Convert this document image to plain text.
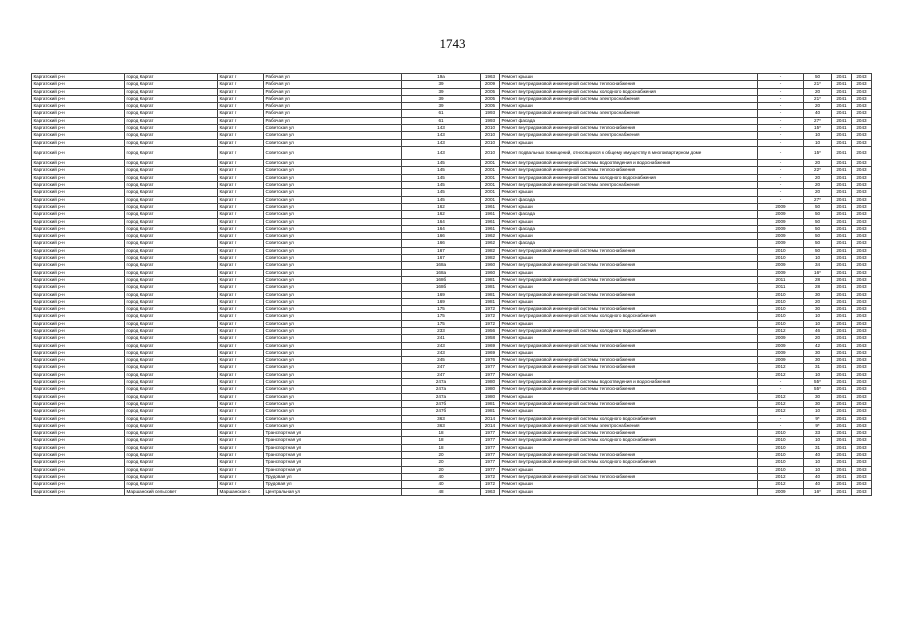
1743
Каргатский р-н	город Каргат	Каргат г	Рабочая ул	19а	1963	Ремонт крыши	-	50	2041	2043
Каргатский р-н	город Каргат	Каргат г	Рабочая ул	39	2009	Ремонт внутридомовой инженерной системы теплоснабжения	-	21*	2041	2043
Каргатский р-н	город Каргат	Каргат г	Рабочая ул	39	2005	Ремонт внутридомовой инженерной системы холодного водоснабжения	-	20	2041	2043
Каргатский р-н	город Каргат	Каргат г	Рабочая ул	39	2005	Ремонт внутридомовой инженерной системы электроснабжения	-	21*	2041	2043
Каргатский р-н	город Каргат	Каргат г	Рабочая ул	39	2005	Ремонт крыши	-	20	2041	2043
Каргатский р-н	город Каргат	Каргат г	Рабочая ул	61	1993	Ремонт внутридомовой инженерной системы электроснабжения	-	40	2041	2043
Каргатский р-н	город Каргат	Каргат г	Рабочая ул	61	1993	Ремонт фасада	-	27*	2041	2043
Каргатский р-н	город Каргат	Каргат г	Советская ул	143	2010	Ремонт внутридомовой инженерной системы теплоснабжения	-	15*	2041	2043
Каргатский р-н	город Каргат	Каргат г	Советская ул	143	2010	Ремонт внутридомовой инженерной системы электроснабжения	-	10	2041	2043
Каргатский р-н	город Каргат	Каргат г	Советская ул	143	2010	Ремонт крыши	-	10	2041	2043
Каргатский р-н	город Каргат	Каргат г	Советская ул	143	2010	Ремонт подвальных помещений, относящихся к общему имуществу в многоквартирном доме	-	15*	2041	2043
Каргатский р-н	город Каргат	Каргат г	Советская ул	145	2001	Ремонт внутридомовой инженерной системы водоотведения и водоснабжения	-	20	2041	2043
Каргатский р-н	город Каргат	Каргат г	Советская ул	145	2001	Ремонт внутридомовой инженерной системы теплоснабжения	-	22*	2041	2043
Каргатский р-н	город Каргат	Каргат г	Советская ул	145	2001	Ремонт внутридомовой инженерной системы холодного водоснабжения	-	20	2041	2043
Каргатский р-н	город Каргат	Каргат г	Советская ул	145	2001	Ремонт внутридомовой инженерной системы электроснабжения	-	20	2041	2043
Каргатский р-н	город Каргат	Каргат г	Советская ул	145	2001	Ремонт крыши	-	20	2041	2043
Каргатский р-н	город Каргат	Каргат г	Советская ул	145	2001	Ремонт фасада	-	27*	2041	2043
Каргатский р-н	город Каргат	Каргат г	Советская ул	162	1961	Ремонт крыши	2009	50	2041	2043
Каргатский р-н	город Каргат	Каргат г	Советская ул	162	1961	Ремонт фасада	2009	50	2041	2043
Каргатский р-н	город Каргат	Каргат г	Советская ул	164	1961	Ремонт крыши	2009	50	2041	2043
Каргатский р-н	город Каргат	Каргат г	Советская ул	164	1961	Ремонт фасада	2009	50	2041	2043
Каргатский р-н	город Каргат	Каргат г	Советская ул	166	1962	Ремонт крыши	2009	50	2041	2043
Каргатский р-н	город Каргат	Каргат г	Советская ул	166	1962	Ремонт фасада	2009	50	2041	2043
Каргатский р-н	город Каргат	Каргат г	Советская ул	167	1982	Ремонт внутридомовой инженерной системы теплоснабжения	2010	50	2041	2043
Каргатский р-н	город Каргат	Каргат г	Советская ул	167	1982	Ремонт крыши	2010	10	2041	2043
Каргатский р-н	город Каргат	Каргат г	Советская ул	168а	1960	Ремонт внутридомовой инженерной системы теплоснабжения	2009	34	2041	2043
Каргатский р-н	город Каргат	Каргат г	Советская ул	168а	1960	Ремонт крыши	2009	16*	2041	2043
Каргатский р-н	город Каргат	Каргат г	Советская ул	168б	1981	Ремонт внутридомовой инженерной системы теплоснабжения	2011	28	2041	2043
Каргатский р-н	город Каргат	Каргат г	Советская ул	168б	1981	Ремонт крыши	2011	28	2041	2043
Каргатский р-н	город Каргат	Каргат г	Советская ул	169	1981	Ремонт внутридомовой инженерной системы теплоснабжения	2010	30	2041	2043
Каргатский р-н	город Каргат	Каргат г	Советская ул	169	1981	Ремонт крыши	2010	20	2041	2043
Каргатский р-н	город Каргат	Каргат г	Советская ул	175	1972	Ремонт внутридомовой инженерной системы теплоснабжения	2010	30	2041	2043
Каргатский р-н	город Каргат	Каргат г	Советская ул	175	1972	Ремонт внутридомовой инженерной системы холодного водоснабжения	2010	10	2041	2043
Каргатский р-н	город Каргат	Каргат г	Советская ул	175	1972	Ремонт крыши	2010	10	2041	2043
Каргатский р-н	город Каргат	Каргат г	Советская ул	233	1956	Ремонт внутридомовой инженерной системы холодного водоснабжения	2012	46	2041	2043
Каргатский р-н	город Каргат	Каргат г	Советская ул	241	1958	Ремонт крыши	2009	20	2041	2043
Каргатский р-н	город Каргат	Каргат г	Советская ул	243	1969	Ремонт внутридомовой инженерной системы теплоснабжения	2009	42	2041	2043
Каргатский р-н	город Каргат	Каргат г	Советская ул	243	1969	Ремонт крыши	2009	30	2041	2043
Каргатский р-н	город Каргат	Каргат г	Советская ул	245	1976	Ремонт внутридомовой инженерной системы теплоснабжения	2009	30	2041	2043
Каргатский р-н	город Каргат	Каргат г	Советская ул	247	1977	Ремонт внутридомовой инженерной системы теплоснабжения	2012	31	2041	2043
Каргатский р-н	город Каргат	Каргат г	Советская ул	247	1977	Ремонт крыши	2012	10	2041	2043
Каргатский р-н	город Каргат	Каргат г	Советская ул	247а	1980	Ремонт внутридомовой инженерной системы водоотведения и водоснабжения	-	55*	2041	2043
Каргатский р-н	город Каргат	Каргат г	Советская ул	247а	1980	Ремонт внутридомовой инженерной системы теплоснабжения	-	55*	2041	2043
Каргатский р-н	город Каргат	Каргат г	Советская ул	247а	1980	Ремонт крыши	2012	30	2041	2043
Каргатский р-н	город Каргат	Каргат г	Советская ул	247б	1981	Ремонт внутридомовой инженерной системы теплоснабжения	2012	30	2041	2043
Каргатский р-н	город Каргат	Каргат г	Советская ул	247б	1981	Ремонт крыши	2012	10	2041	2043
Каргатский р-н	город Каргат	Каргат г	Советская ул	363	2014	Ремонт внутридомовой инженерной системы холодного водоснабжения	-	9*	2041	2043
Каргатский р-н	город Каргат	Каргат г	Советская ул	363	2014	Ремонт внутридомовой инженерной системы электроснабжения	-	9*	2041	2043
Каргатский р-н	город Каргат	Каргат г	Транспортная ул	18	1977	Ремонт внутридомовой инженерной системы теплоснабжения	2010	33	2041	2043
Каргатский р-н	город Каргат	Каргат г	Транспортная ул	18	1977	Ремонт внутридомовой инженерной системы холодного водоснабжения	2010	10	2041	2043
Каргатский р-н	город Каргат	Каргат г	Транспортная ул	18	1977	Ремонт крыши	2010	31	2041	2043
Каргатский р-н	город Каргат	Каргат г	Транспортная ул	20	1977	Ремонт внутридомовой инженерной системы теплоснабжения	2010	40	2041	2043
Каргатский р-н	город Каргат	Каргат г	Транспортная ул	20	1977	Ремонт внутридомовой инженерной системы холодного водоснабжения	2010	10	2041	2043
Каргатский р-н	город Каргат	Каргат г	Транспортная ул	20	1977	Ремонт крыши	2010	10	2041	2043
Каргатский р-н	город Каргат	Каргат г	Трудовая ул	40	1972	Ремонт внутридомовой инженерной системы теплоснабжения	2012	40	2041	2043
Каргатский р-н	город Каргат	Каргат г	Трудовая ул	40	1972	Ремонт крыши	2012	40	2041	2043
Каргатский р-н	Маршанский сельсовет	Маршанское с	Центральная ул	48	1963	Ремонт крыши	2009	16*	2041	2043
